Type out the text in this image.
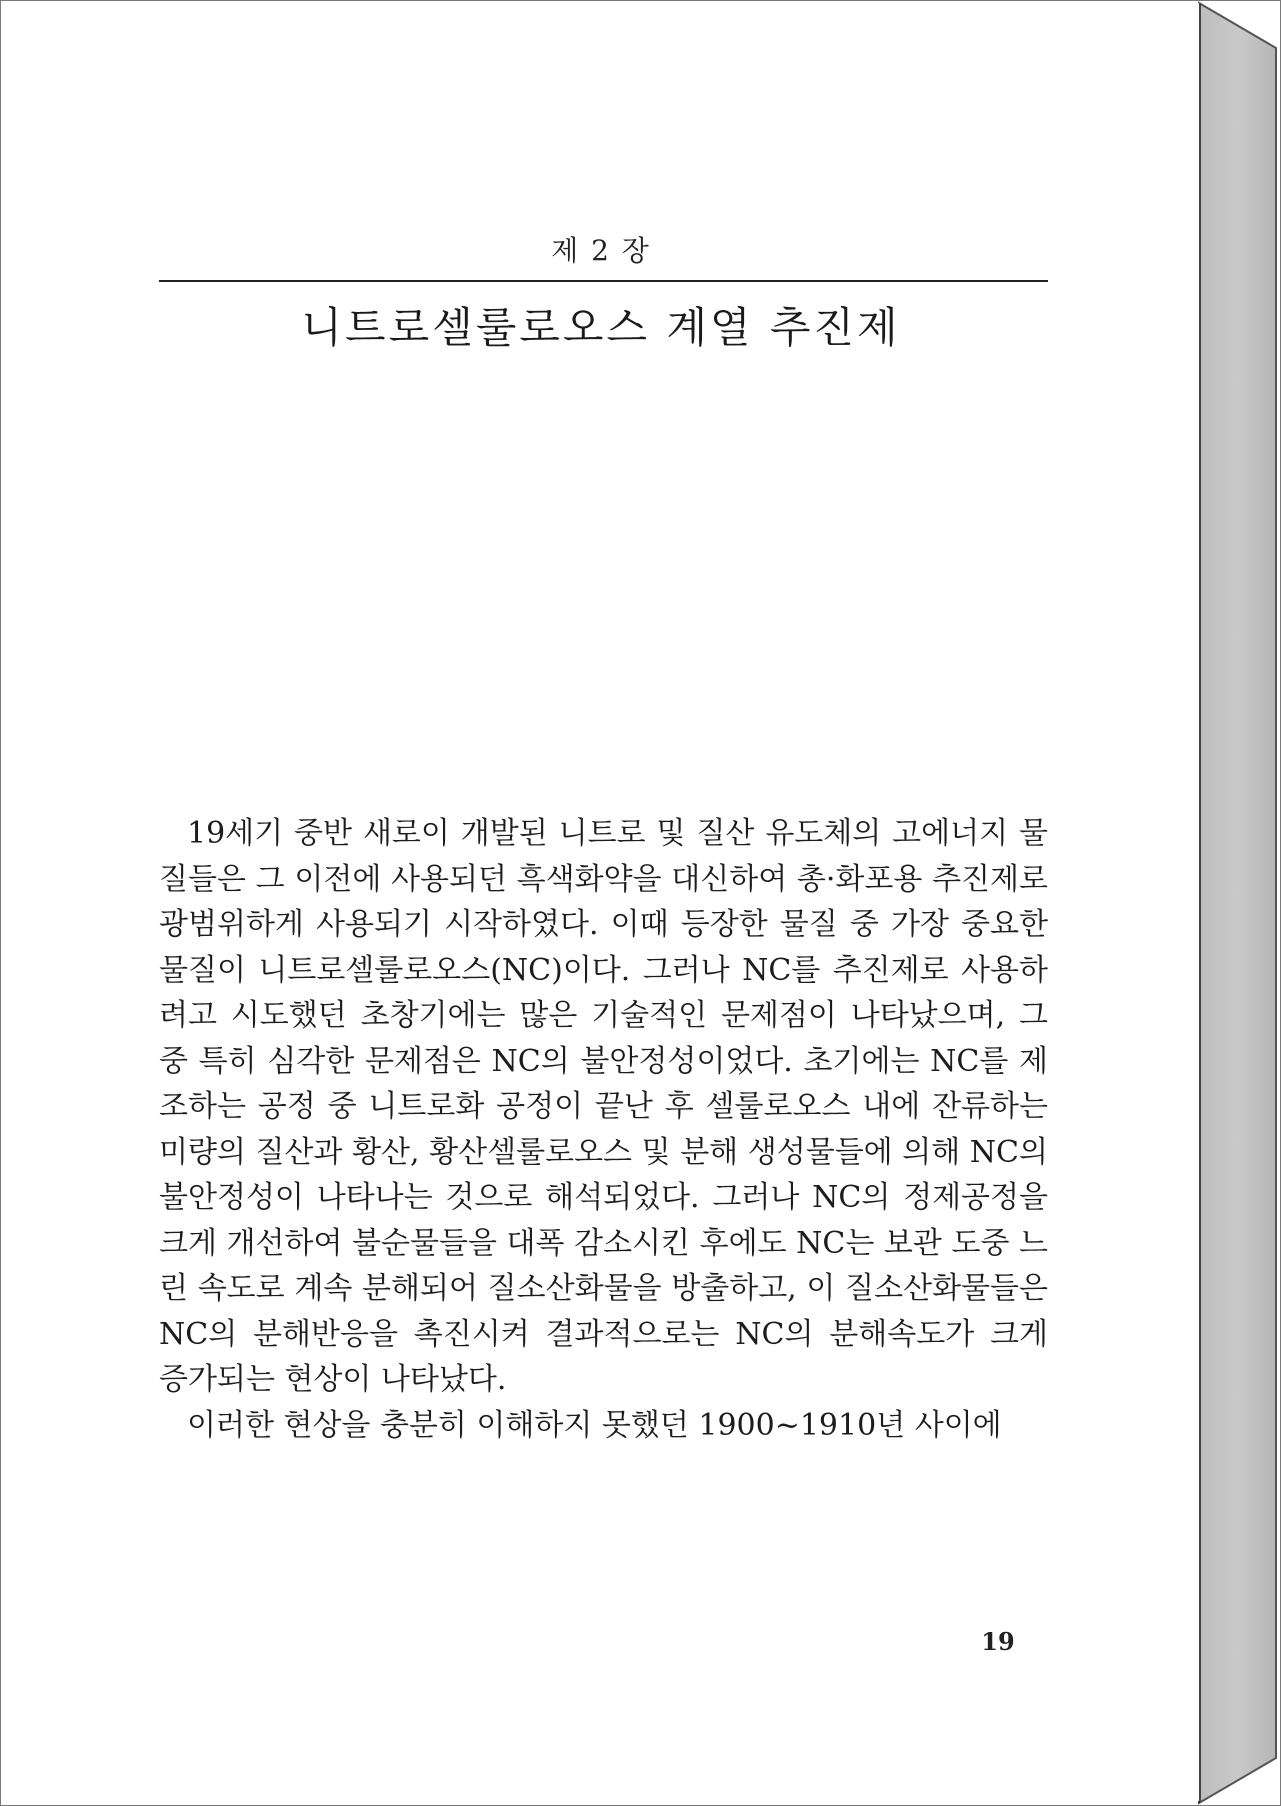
제 2 장
니트로셀룰로오스 계열 추진제

19세기 중반 새로이 개발된 니트로 및 질산 유도체의 고에너지 물질들은 그 이전에 사용되던 흑색화약을 대신하여 총·화포용 추진제로 광범위하게 사용되기 시작하였다. 이때 등장한 물질 중 가장 중요한 물질이 니트로셀룰로오스(NC)이다. 그러나 NC를 추진제로 사용하려고 시도했던 초창기에는 많은 기술적인 문제점이 나타났으며, 그 중 특히 심각한 문제점은 NC의 불안정성이었다. 초기에는 NC를 제조하는 공정 중 니트로화 공정이 끝난 후 셀룰로오스 내에 잔류하는 미량의 질산과 황산, 황산셀룰로오스 및 분해 생성물들에 의해 NC의 불안정성이 나타나는 것으로 해석되었다. 그러나 NC의 정제공정을 크게 개선하여 불순물들을 대폭 감소시킨 후에도 NC는 보관 도중 느린 속도로 계속 분해되어 질소산화물을 방출하고, 이 질소산화물들은 NC의 분해반응을 촉진시켜 결과적으로는 NC의 분해속도가 크게 증가되는 현상이 나타났다.

이러한 현상을 충분히 이해하지 못했던 1900~1910년 사이에

19
